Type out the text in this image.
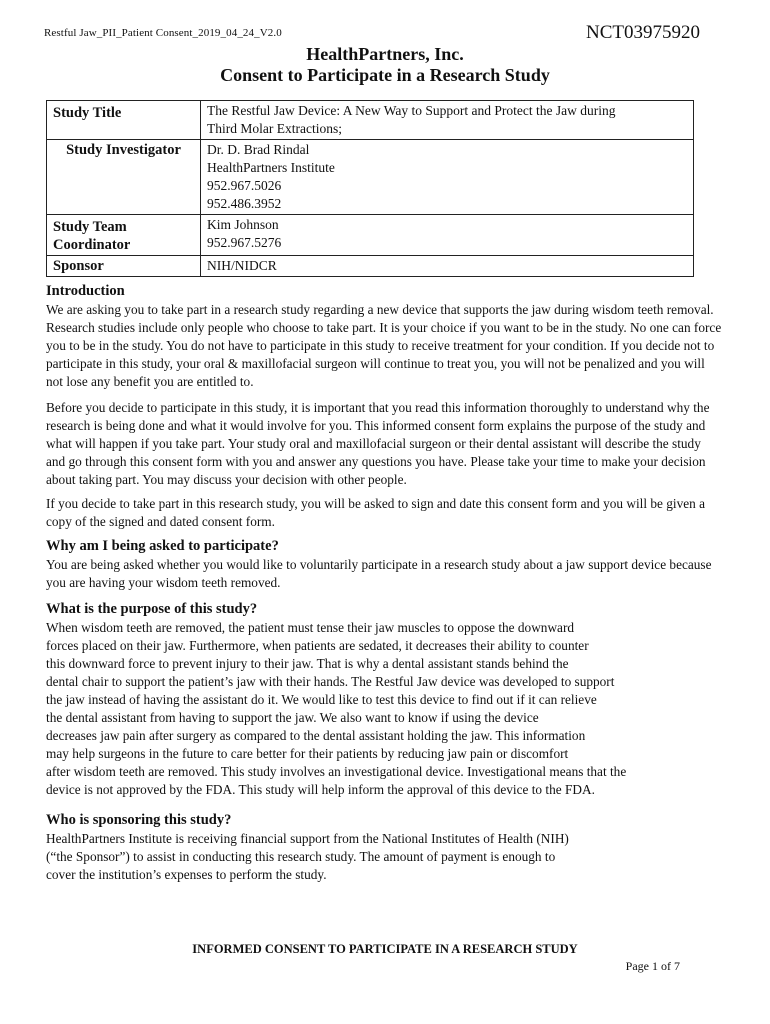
Restful Jaw_PII_Patient Consent_2019_04_24_V2.0	NCT03975920
HealthPartners, Inc.
Consent to Participate in a Research Study
Study Title	The Restful Jaw Device: A New Way to Support and Protect the Jaw during
Third Molar Extractions;

Study Investigator	Dr. D. Brad Rindal
HealthPartners Institute
952.967.5026
952.486.3952

Study Team
Coordinator	Kim Johnson
952.967.5276

Sponsor	NIH/NIDCR
Introduction

We are asking you to take part in a research study regarding a new device that supports the jaw during wisdom teeth removal. Research studies include only people who choose to take part. It is your choice if you want to be in the study. No one can force you to be in the study. You do not have to participate in this study to receive treatment for your condition. If you decide not to participate in this study, your oral & maxillofacial surgeon will continue to treat you, you will not be penalized and you will not lose any benefit you are entitled to.

Before you decide to participate in this study, it is important that you read this information thoroughly to understand why the research is being done and what it would involve for you. This informed consent form explains the purpose of the study and what will happen if you take part. Your study oral and maxillofacial surgeon or their dental assistant will describe the study and go through this consent form with you and answer any questions you have. Please take your time to make your decision about taking part. You may discuss your decision with other people.

If you decide to take part in this research study, you will be asked to sign and date this consent form and you will be given a copy of the signed and dated consent form.

Why am I being asked to participate?

You are being asked whether you would like to voluntarily participate in a research study about a jaw support device because you are having your wisdom teeth removed.

What is the purpose of this study?
When wisdom teeth are removed, the patient must tense their jaw muscles to oppose the downward
forces placed on their jaw. Furthermore, when patients are sedated, it decreases their ability to counter
this downward force to prevent injury to their jaw. That is why a dental assistant stands behind the
dental chair to support the patient’s jaw with their hands. The Restful Jaw device was developed to support
the jaw instead of having the assistant do it. We would like to test this device to find out if it can relieve
the dental assistant from having to support the jaw. We also want to know if using the device
decreases jaw pain after surgery as compared to the dental assistant holding the jaw. This information
may help surgeons in the future to care better for their patients by reducing jaw pain or discomfort
after wisdom teeth are removed. This study involves an investigational device. Investigational means that the
device is not approved by the FDA. This study will help inform the approval of this device to the FDA.
Who is sponsoring this study?
HealthPartners Institute is receiving financial support from the National Institutes of Health (NIH)
(“the Sponsor”) to assist in conducting this research study. The amount of payment is enough to
cover the institution’s expenses to perform the study.
INFORMED CONSENT TO PARTICIPATE IN A RESEARCH STUDY
Page 1 of 7
